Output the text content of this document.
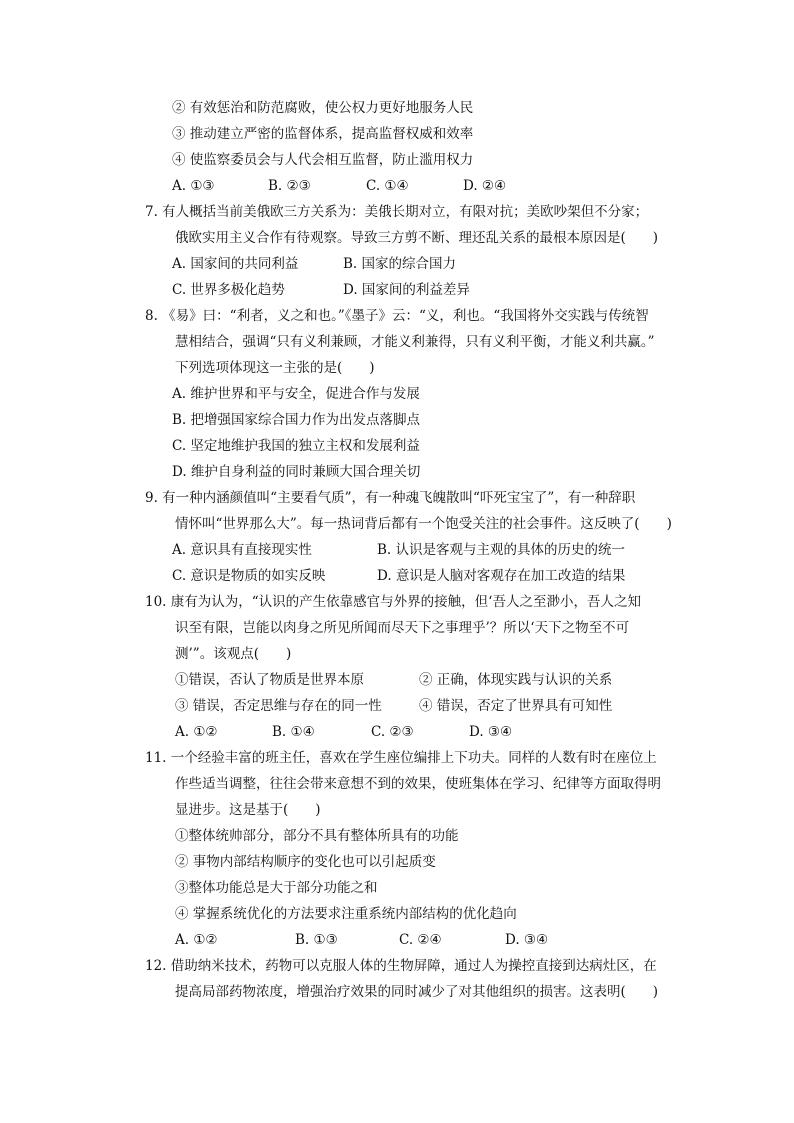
② 有效惩治和防范腐败，使公权力更好地服务人民
③ 推动建立严密的监督体系，提高监督权威和效率
④ 使监察委员会与人代会相互监督，防止滥用权力
A. ①③	B. ②③	C. ①④	D. ②④
7. 有人概括当前美俄欧三方关系为：美俄长期对立，有限对抗；美欧吵架但不分家；
俄欧实用主义合作有待观察。导致三方剪不断、理还乱关系的最根本原因是(　　)
A. 国家间的共同利益	B. 国家的综合国力
C. 世界多极化趋势	D. 国家间的利益差异
8. 《易》曰：“利者，义之和也。”《墨子》云：“义，利也。“我国将外交实践与传统智
慧相结合，强调“只有义利兼顾，才能义利兼得，只有义利平衡，才能义利共赢。”
下列选项体现这一主张的是(　　)
A. 维护世界和平与安全，促进合作与发展
B. 把增强国家综合国力作为出发点落脚点
C. 坚定地维护我国的独立主权和发展利益
D. 维护自身利益的同时兼顾大国合理关切
9. 有一种内涵颜值叫“主要看气质”，有一种魂飞魄散叫“吓死宝宝了”，有一种辞职
情怀叫“世界那么大”。每一热词背后都有一个饱受关注的社会事件。这反映了(　　)
A. 意识具有直接现实性	B. 认识是客观与主观的具体的历史的统一
C. 意识是物质的如实反映	D. 意识是人脑对客观存在加工改造的结果
10. 康有为认为，“认识的产生依靠感官与外界的接触，但‘吾人之至渺小，吾人之知
识至有限，岂能以肉身之所见所闻而尽天下之事理乎’？所以‘天下之物至不可
测’”。该观点(　　)
①错误，否认了物质是世界本原	② 正确，体现实践与认识的关系
③ 错误，否定思维与存在的同一性	④ 错误，否定了世界具有可知性
A. ①②	B. ①④	C. ②③	D. ③④
11. 一个经验丰富的班主任，喜欢在学生座位编排上下功夫。同样的人数有时在座位上
作些适当调整，往往会带来意想不到的效果，使班集体在学习、纪律等方面取得明
显进步。这是基于(　　)
①整体统帅部分，部分不具有整体所具有的功能
② 事物内部结构顺序的变化也可以引起质变
③整体功能总是大于部分功能之和
④ 掌握系统优化的方法要求注重系统内部结构的优化趋向
A. ①②	B. ①③	C. ②④	D. ③④
12. 借助纳米技术，药物可以克服人体的生物屏障，通过人为操控直接到达病灶区，在
提高局部药物浓度，增强治疗效果的同时减少了对其他组织的损害。这表明(　　)
